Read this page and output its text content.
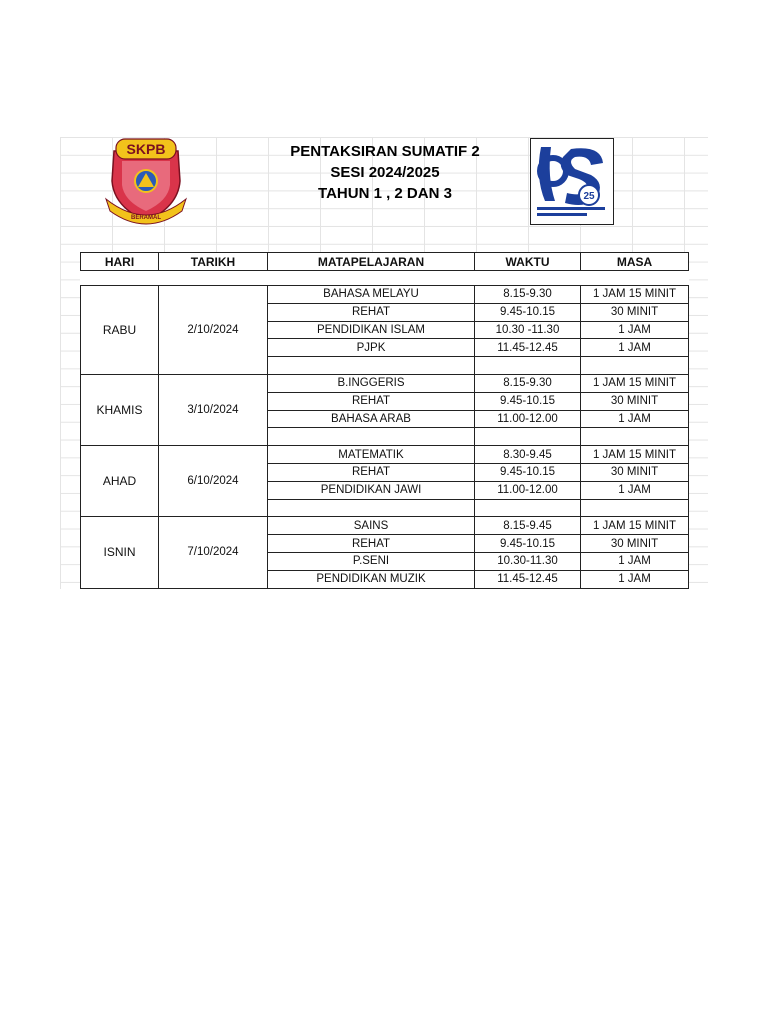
SKPB
BERAMAL
PENTAKSIRAN SUMATIF 2
SESI 2024/2025
TAHUN 1 , 2 DAN 3	25
HARI	TARIKH	MATAPELAJARAN	WAKTU	MASA

RABU	2/10/2024	BAHASA MELAYU	8.15-9.30	1 JAM 15 MINIT
		REHAT	9.45-10.15	30 MINIT
		PENDIDIKAN ISLAM	10.30 -11.30	1 JAM
		PJPK	11.45-12.45	1 JAM

KHAMIS	3/10/2024	B.INGGERIS	8.15-9.30	1 JAM 15 MINIT
		REHAT	9.45-10.15	30 MINIT
		BAHASA ARAB	11.00-12.00	1 JAM

AHAD	6/10/2024	MATEMATIK	8.30-9.45	1 JAM 15 MINIT
		REHAT	9.45-10.15	30 MINIT
		PENDIDIKAN JAWI	11.00-12.00	1 JAM

ISNIN	7/10/2024	SAINS	8.15-9.45	1 JAM 15 MINIT
		REHAT	9.45-10.15	30 MINIT
		P.SENI	10.30-11.30	1 JAM
		PENDIDIKAN MUZIK	11.45-12.45	1 JAM
